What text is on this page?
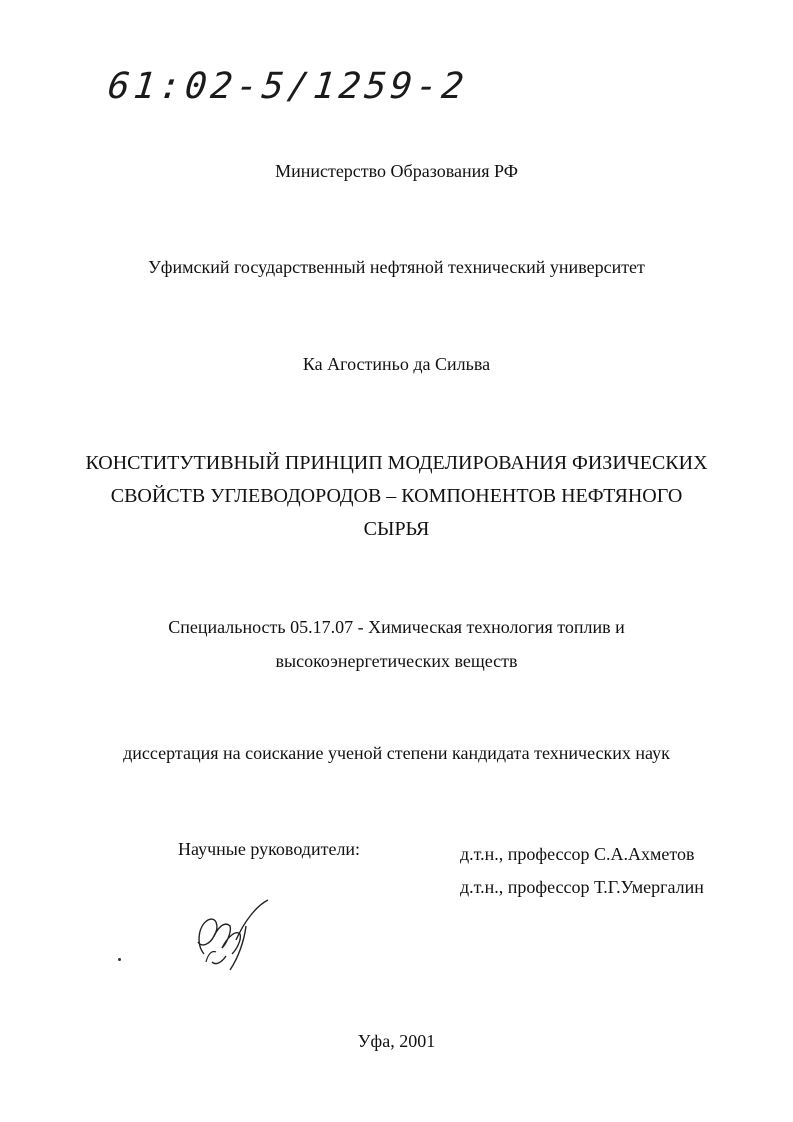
61:02-5/1259-2
Министерство Образования РФ
Уфимский государственный нефтяной технический университет
Ка Агостиньо да Сильва
КОНСТИТУТИВНЫЙ ПРИНЦИП МОДЕЛИРОВАНИЯ ФИЗИЧЕСКИХ
СВОЙСТВ УГЛЕВОДОРОДОВ – КОМПОНЕНТОВ НЕФТЯНОГО
СЫРЬЯ
Специальность 05.17.07 - Химическая технология топлив и
высокоэнергетических веществ
диссертация на соискание ученой степени кандидата технических наук
Научные руководители:	д.т.н., профессор С.А.Ахметов
д.т.н., профессор Т.Г.Умергалин
Уфа, 2001
